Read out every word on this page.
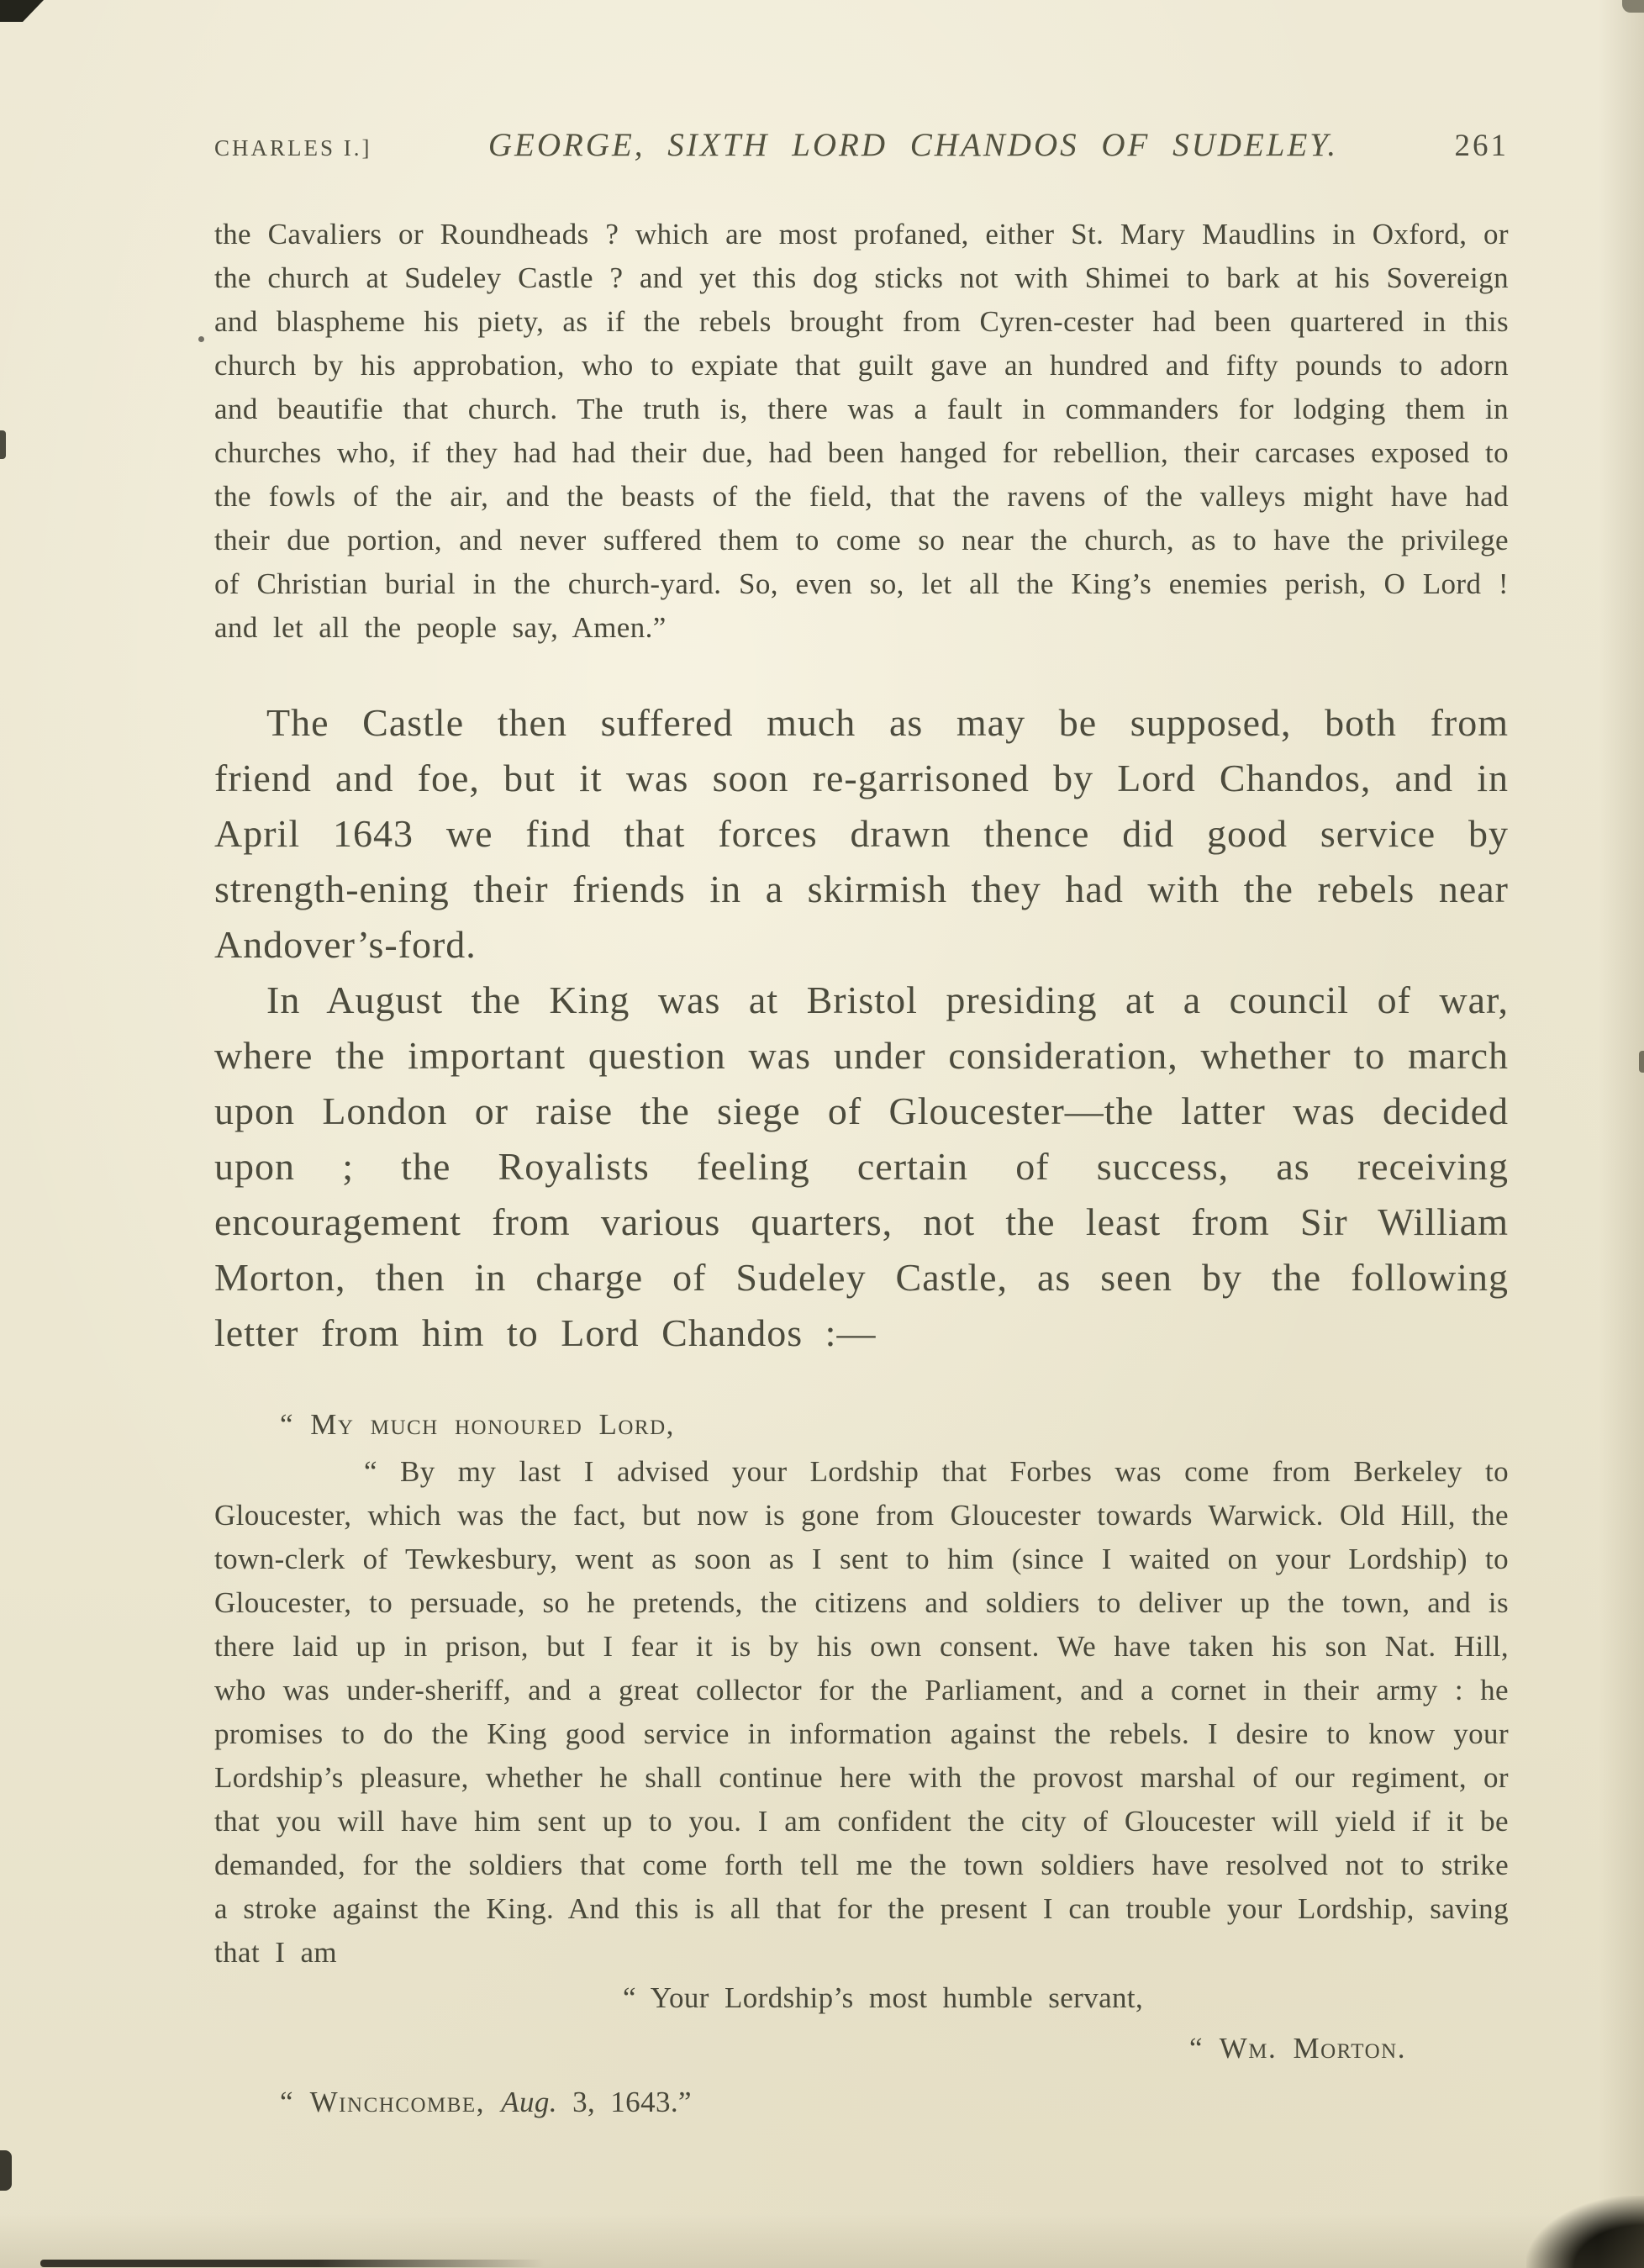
CHARLES I.]	GEORGE, SIXTH LORD CHANDOS OF SUDELEY.	261

the Cavaliers or Roundheads ? which are most profaned, either St. Mary Maudlins in Oxford, or the church at Sudeley Castle ? and yet this dog sticks not with Shimei to bark at his Sovereign and blaspheme his piety, as if the rebels brought from Cyren-cester had been quartered in this church by his approbation, who to expiate that guilt gave an hundred and fifty pounds to adorn and beautifie that church. The truth is, there was a fault in commanders for lodging them in churches who, if they had had their due, had been hanged for rebellion, their carcases exposed to the fowls of the air, and the beasts of the field, that the ravens of the valleys might have had their due portion, and never suffered them to come so near the church, as to have the privilege of Christian burial in the church-yard. So, even so, let all the King’s enemies perish, O Lord ! and let all the people say, Amen.”

The Castle then suffered much as may be supposed, both from friend and foe, but it was soon re-garrisoned by Lord Chandos, and in April 1643 we find that forces drawn thence did good service by strength-ening their friends in a skirmish they had with the rebels near Andover’s-ford.

In August the King was at Bristol presiding at a council of war, where the important question was under consideration, whether to march upon London or raise the siege of Gloucester—the latter was decided upon ; the Royalists feeling certain of success, as receiving encouragement from various quarters, not the least from Sir William Morton, then in charge of Sudeley Castle, as seen by the following letter from him to Lord Chandos :—

“ My much honoured Lord,

“ By my last I advised your Lordship that Forbes was come from Berkeley to Gloucester, which was the fact, but now is gone from Gloucester towards Warwick. Old Hill, the town-clerk of Tewkesbury, went as soon as I sent to him (since I waited on your Lordship) to Gloucester, to persuade, so he pretends, the citizens and soldiers to deliver up the town, and is there laid up in prison, but I fear it is by his own consent. We have taken his son Nat. Hill, who was under-sheriff, and a great collector for the Parliament, and a cornet in their army : he promises to do the King good service in information against the rebels. I desire to know your Lordship’s pleasure, whether he shall continue here with the provost marshal of our regiment, or that you will have him sent up to you. I am confident the city of Gloucester will yield if it be demanded, for the soldiers that come forth tell me the town soldiers have resolved not to strike a stroke against the King. And this is all that for the present I can trouble your Lordship, saving that I am

“ Your Lordship’s most humble servant,

“ Wm. Morton.

“ Winchcombe, Aug. 3, 1643.”
